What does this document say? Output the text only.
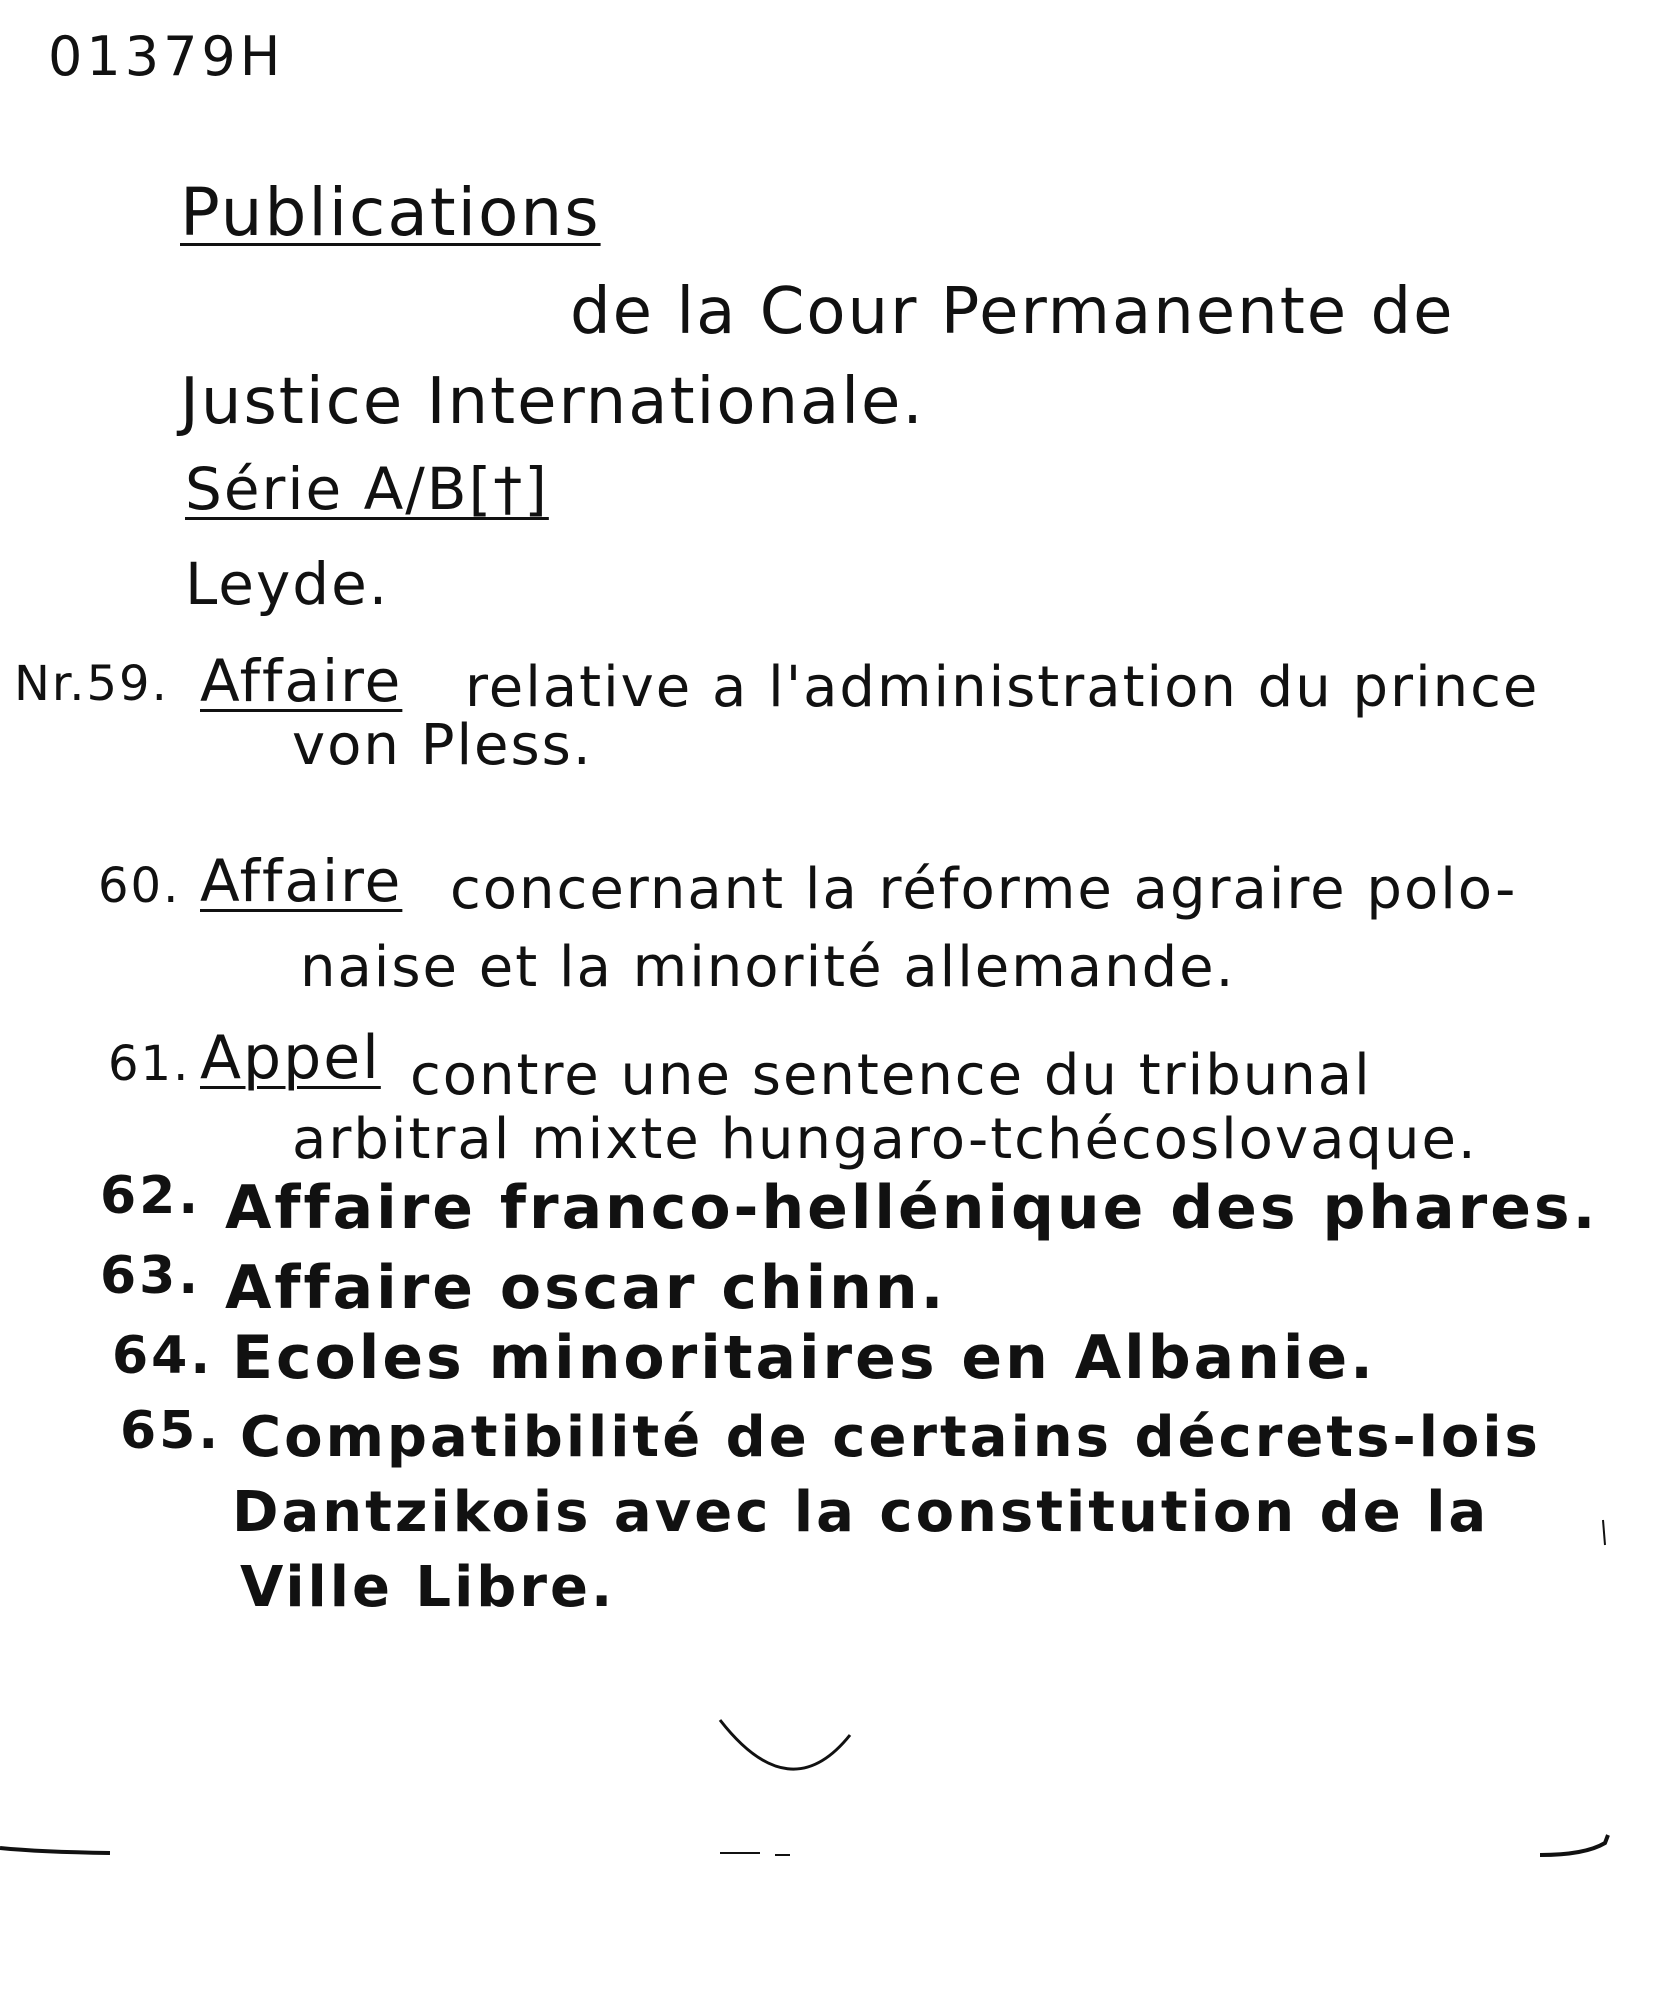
01379H
Publications
de la Cour Permanente de
Justice Internationale.
Série A/B[†]
Leyde.
Nr.59. Affaire relative a l'administration du prince
von Pless.
60. Affaire concernant la réforme agraire polo-
naise et la minorité allemande.
61. Appel contre une sentence du tribunal
arbitral mixte hungaro-tchécoslovaque.
62. Affaire franco-hellénique des phares.
63. Affaire oscar chinn.
64. Ecoles minoritaires en Albanie.
65. Compatibilité de certains décrets-lois
Dantzikois avec la constitution de la
Ville Libre.
